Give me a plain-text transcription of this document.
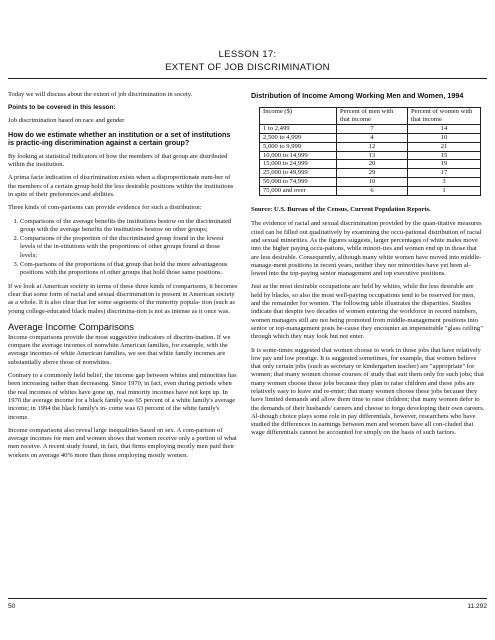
LESSON 17:
EXTENT OF JOB DISCRIMINATION

Today we will discuss about the extent of job discrimination in socety.

Points to be covered in this lesson:

Job discrimination based on race and gender

How do we estimate whether an institution or a set of institutions is practic-ing discrimination against a certain group?

By looking at statistical indicators of how the members of that group are distributed within the institution.

A prima facie indication of discrimination exists when a disproportionate num-ber of the members of a certain group hold the less desirable positions within the institutions in spite of their preferences and abilities.

Three kinds of com-parisons can provide evidence for such a distribution:

1. Comparisons of the average benefits the institutions bestow on the discriminated group with the average benefits the institutions bestow on other groups;
2. Comparisons of the proportion of the discriminated group found in the lowest levels of the in-stitutions with the proportions of other groups found at those levels;
3. Com-parisons of the proportions of that group that hold the more advantageous positions with the proportions of other groups that hold those same positions.

If we look at American society in terms of these three kinds of comparisons, it becomes clear that some form of racial and sexual discrimination is present in American society as a whole. It is also clear that for some segments of the minority popula- tion (such as young college-educated black males) discrimina-tion is not as intense as it once was.

Average Income Comparisons

Income comparisons provide the most suggestive indicators of discrim-ination. If we compare the average incomes of nonwhite American families, for example, with the average incomes of white American families, we see that white family incomes are substantially above those of nonwhites.

Contrary to a commonly held belief, the income gap between whites and minorities has been increasing rather than decreasing. Since 1970, in fact, even during periods when the real incomes of whites have gone up, real minority incomes have not kept up. In 1970 the average income for a black family was 65 percent of a white family's average income; in 1994 the black family's in- come was 63 percent of the white family's income.

Income comparisons also reveal large inequalities based on sex. A com-parison of average incomes for men and women shows that women receive only a portion of what men receive. A recent study found, in fact, that firms employing mostly men paid their workers on average 40% more than those employing mostly women.

Distribution of Income Among Working Men and Women, 1994
Income ($)	Percent of men with that income	Percent of women with that income
1 to 2,499	7	14
2,500 to 4,999	4	10
5,000 to 9,999	12	21
10,000 to 14,999	13	15
15,000 to 24,999	20	19
25,000 to 49,999	29	17
50,000 to 74,999	10	3
75,000 and over	6	1

Source: U.S. Bureau of the Census, Current Population Reports.

The evidence of racial and sexual discrimination provided by the quan-titative measures cited can be filled out qualitatively by examining the occu-pational distribution of racial and sexual minorities. As the figures suggests, larger percentages of white males move into the higher paying occu-pations, while minori-ties and women end up in those that are less desirable. Consequently, although many white women have moved into middle-manage-ment positions in recent years, neither they nor minorities have yet been al-lowed into the top-paying senior management and top executive positions.

Just as the most desirable occupations are held by whites, while the less desirable are held by blacks, so also the most well-paying occupations tend to be reserved for men, and the remainder for women. The following table illustrates the disparities. Studies indicate that despite two decades of women entering the workforce in record numbers, women managers still are not being promoted from middle-management positions into senior or top-management posts be-cause they encounter an impenetrable "glass ceiling" through which they may look but not enter.

It is some-times suggested that women choose to work in those jobs that have relatively low pay and low prestige. It is suggested sometimes, for example, that women believe that only certain jobs (such as secretary or kindergarten teacher) are "appropriate" for women; that many women choose courses of study that suit them only for such jobs; that many women choose those jobs because they plan to raise children and these jobs are relatively easy to leave and re-enter; that many women choose these jobs because they have limited demands and allow them time to raise children; that many women defer to the demands of their husbands' careers and choose to forgo developing their own careers. Al-though choice plays some role in pay differentials, however, researchers who have studied the differences in earnings between men and women have all con-cluded that wage differentials cannot be accounted for simply on the basis of such factors.

50	11.292
